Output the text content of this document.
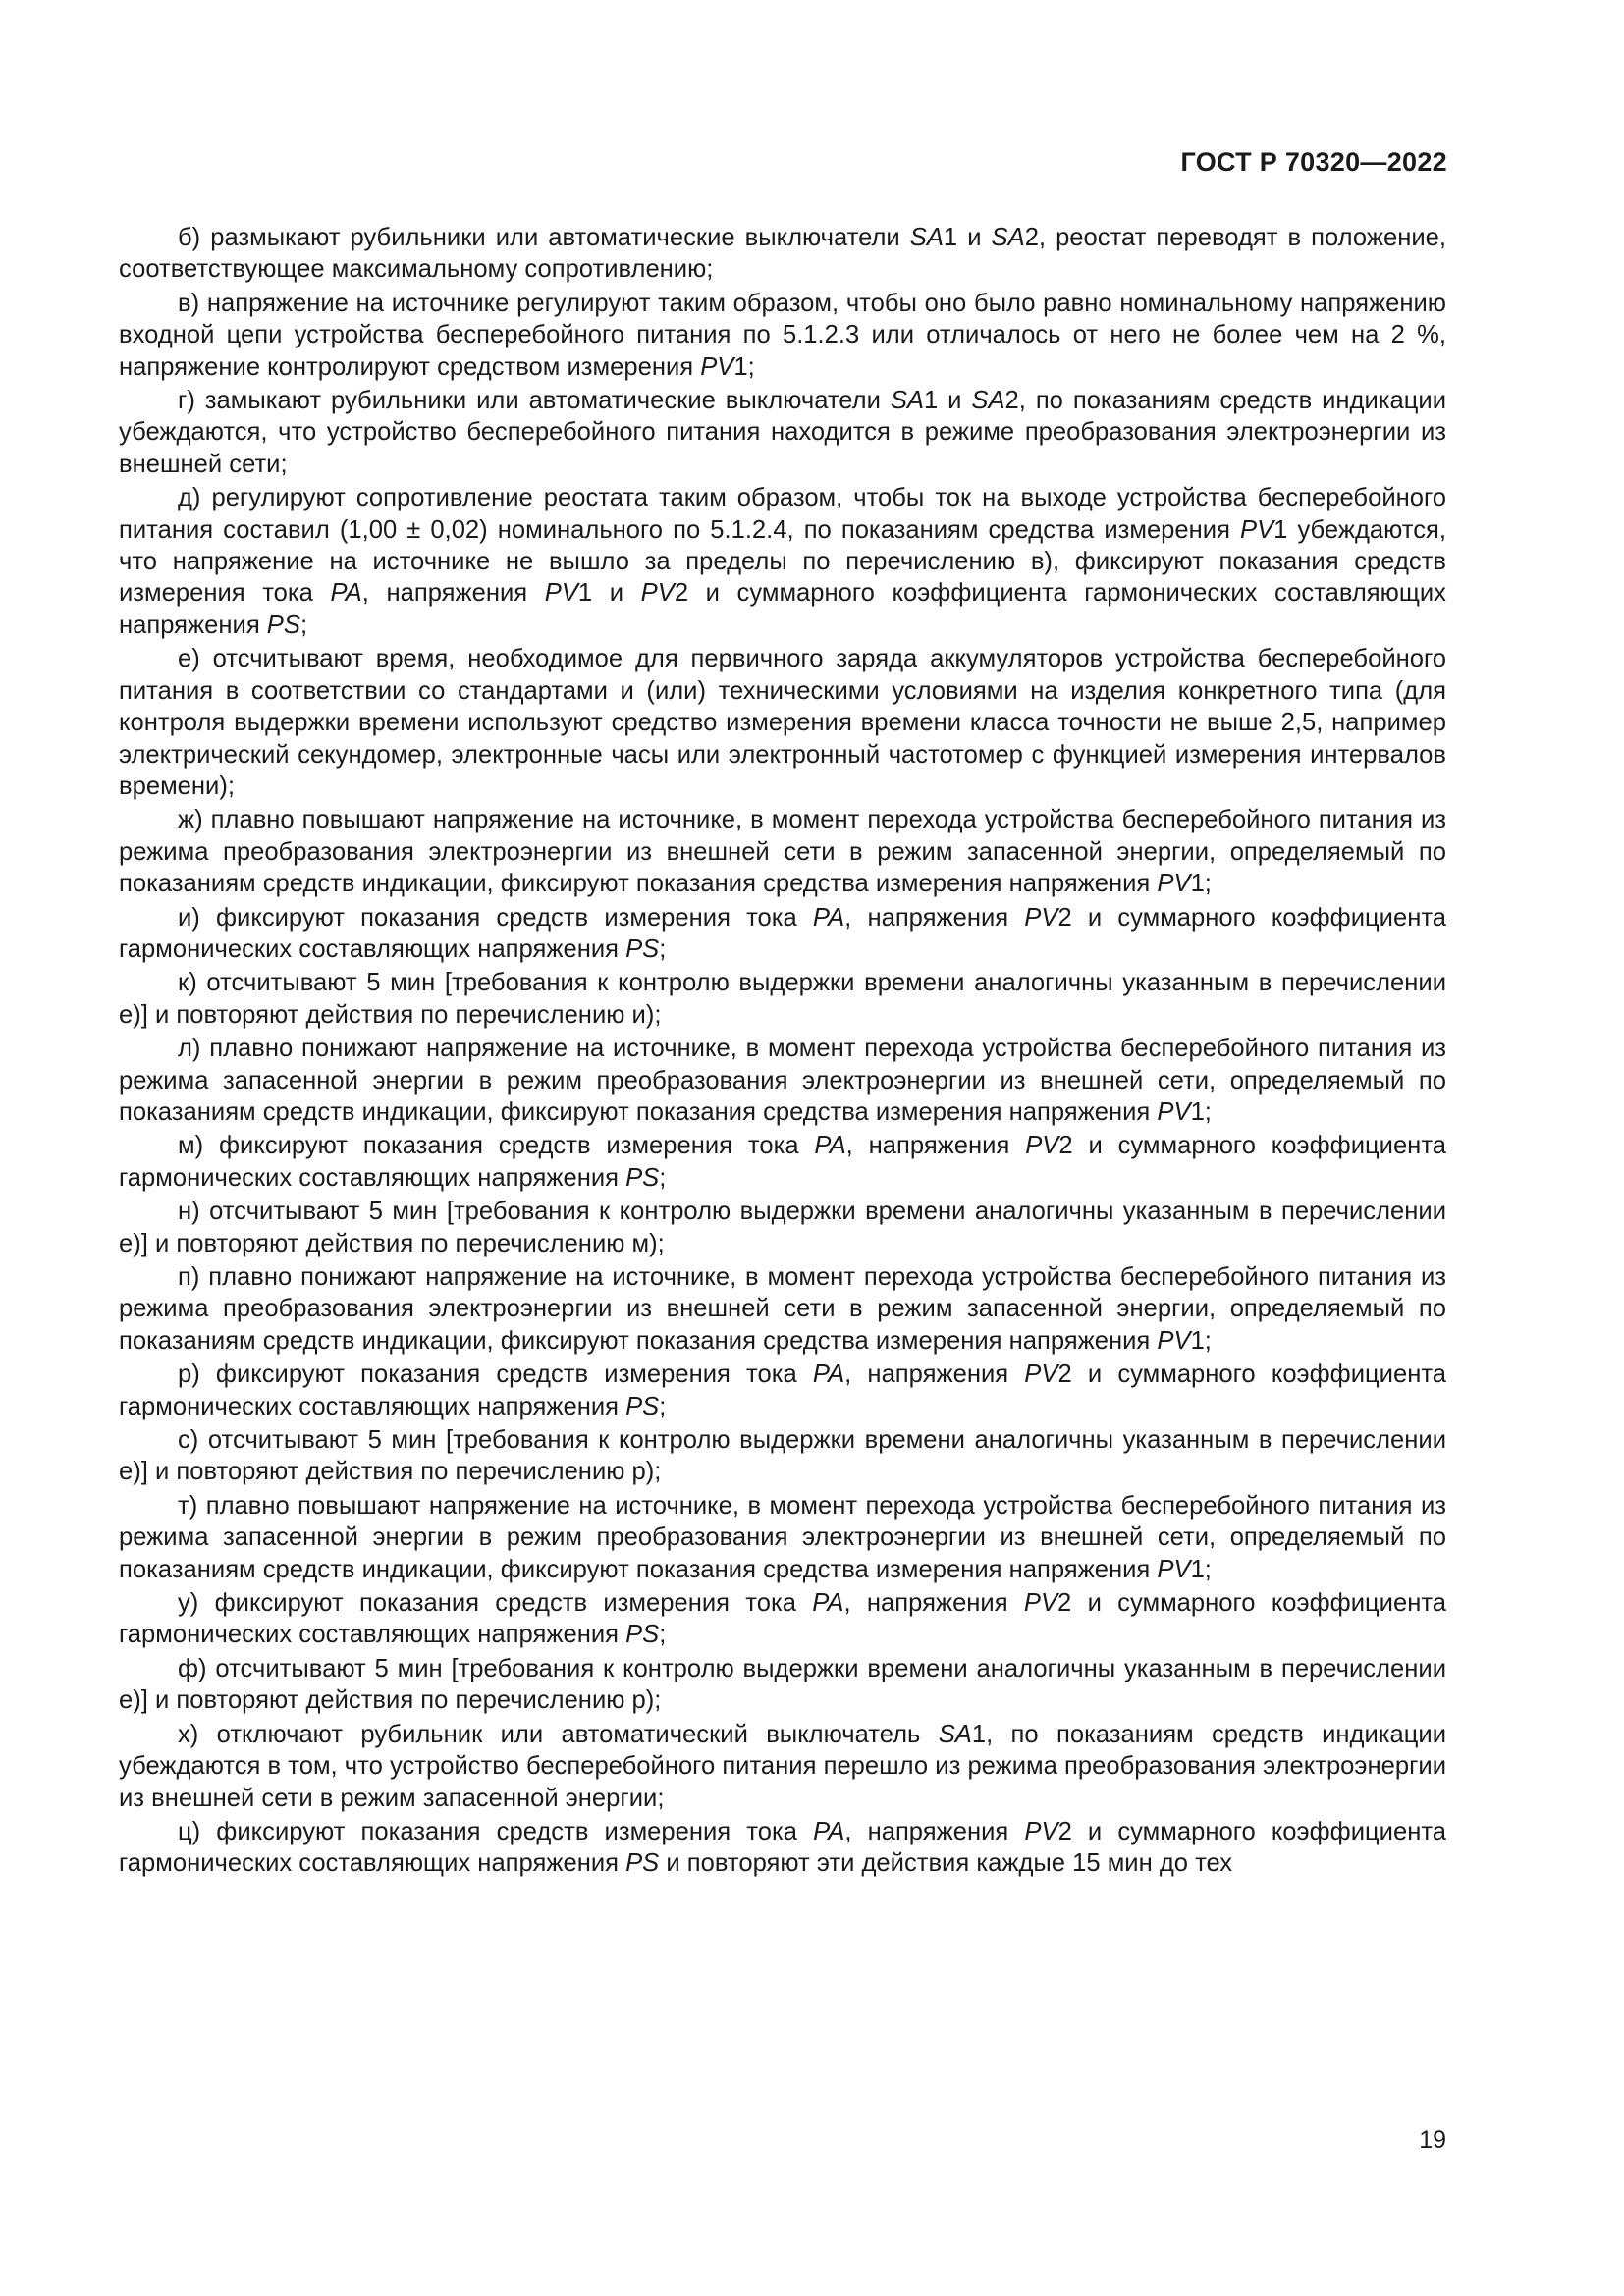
ГОСТ Р 70320—2022

б) размыкают рубильники или автоматические выключатели SA1 и SA2, реостат переводят в положение, соответствующее максимальному сопротивлению;

в) напряжение на источнике регулируют таким образом, чтобы оно было равно номинальному напряжению входной цепи устройства бесперебойного питания по 5.1.2.3 или отличалось от него не более чем на 2 %, напряжение контролируют средством измерения PV1;

г) замыкают рубильники или автоматические выключатели SA1 и SA2, по показаниям средств индикации убеждаются, что устройство бесперебойного питания находится в режиме преобразования электроэнергии из внешней сети;

д) регулируют сопротивление реостата таким образом, чтобы ток на выходе устройства бесперебойного питания составил (1,00 ± 0,02) номинального по 5.1.2.4, по показаниям средства измерения PV1 убеждаются, что напряжение на источнике не вышло за пределы по перечислению в), фиксируют показания средств измерения тока PA, напряжения PV1 и PV2 и суммарного коэффициента гармонических составляющих напряжения PS;

е) отсчитывают время, необходимое для первичного заряда аккумуляторов устройства бесперебойного питания в соответствии со стандартами и (или) техническими условиями на изделия конкретного типа (для контроля выдержки времени используют средство измерения времени класса точности не выше 2,5, например электрический секундомер, электронные часы или электронный частотомер с функцией измерения интервалов времени);

ж) плавно повышают напряжение на источнике, в момент перехода устройства бесперебойного питания из режима преобразования электроэнергии из внешней сети в режим запасенной энергии, определяемый по показаниям средств индикации, фиксируют показания средства измерения напряжения PV1;

и) фиксируют показания средств измерения тока PA, напряжения PV2 и суммарного коэффициента гармонических составляющих напряжения PS;

к) отсчитывают 5 мин [требования к контролю выдержки времени аналогичны указанным в перечислении е)] и повторяют действия по перечислению и);

л) плавно понижают напряжение на источнике, в момент перехода устройства бесперебойного питания из режима запасенной энергии в режим преобразования электроэнергии из внешней сети, определяемый по показаниям средств индикации, фиксируют показания средства измерения напряжения PV1;

м) фиксируют показания средств измерения тока PA, напряжения PV2 и суммарного коэффициента гармонических составляющих напряжения PS;

н) отсчитывают 5 мин [требования к контролю выдержки времени аналогичны указанным в перечислении е)] и повторяют действия по перечислению м);

п) плавно понижают напряжение на источнике, в момент перехода устройства бесперебойного питания из режима преобразования электроэнергии из внешней сети в режим запасенной энергии, определяемый по показаниям средств индикации, фиксируют показания средства измерения напряжения PV1;

р) фиксируют показания средств измерения тока PA, напряжения PV2 и суммарного коэффициента гармонических составляющих напряжения PS;

с) отсчитывают 5 мин [требования к контролю выдержки времени аналогичны указанным в перечислении е)] и повторяют действия по перечислению р);

т) плавно повышают напряжение на источнике, в момент перехода устройства бесперебойного питания из режима запасенной энергии в режим преобразования электроэнергии из внешней сети, определяемый по показаниям средств индикации, фиксируют показания средства измерения напряжения PV1;

у) фиксируют показания средств измерения тока PA, напряжения PV2 и суммарного коэффициента гармонических составляющих напряжения PS;

ф) отсчитывают 5 мин [требования к контролю выдержки времени аналогичны указанным в перечислении е)] и повторяют действия по перечислению р);

х) отключают рубильник или автоматический выключатель SA1, по показаниям средств индикации убеждаются в том, что устройство бесперебойного питания перешло из режима преобразования электроэнергии из внешней сети в режим запасенной энергии;

ц) фиксируют показания средств измерения тока PA, напряжения PV2 и суммарного коэффициента гармонических составляющих напряжения PS и повторяют эти действия каждые 15 мин до тех

19
